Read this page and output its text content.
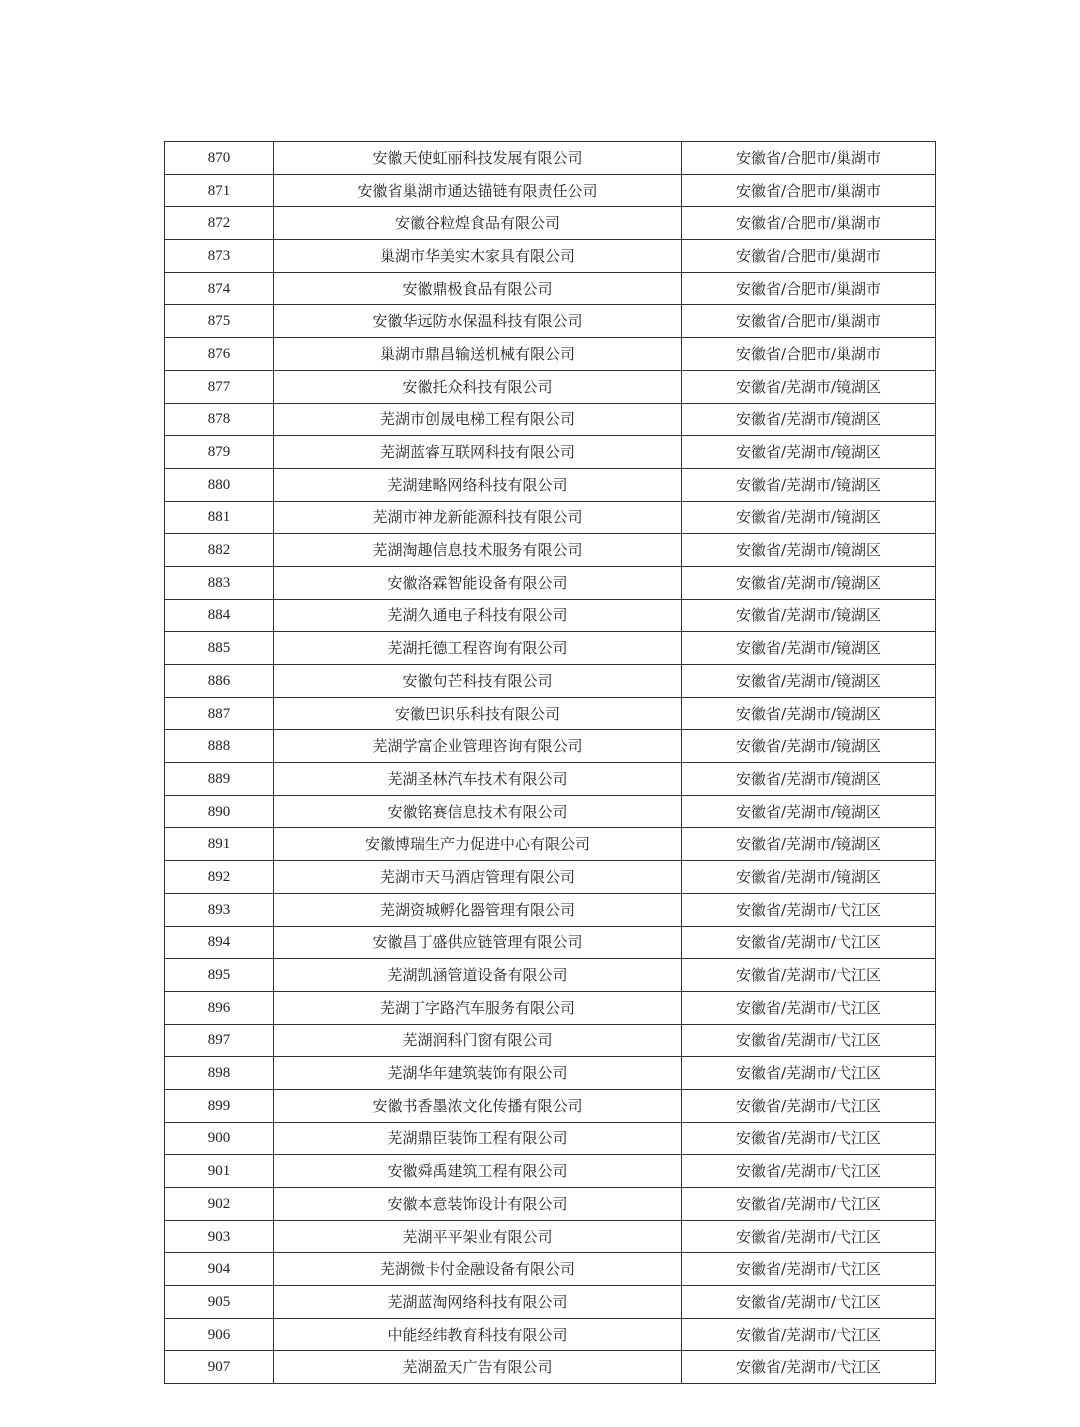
870	安徽天使虹丽科技发展有限公司	安徽省/合肥市/巢湖市
871	安徽省巢湖市通达锚链有限责任公司	安徽省/合肥市/巢湖市
872	安徽谷粒煌食品有限公司	安徽省/合肥市/巢湖市
873	巢湖市华美实木家具有限公司	安徽省/合肥市/巢湖市
874	安徽鼎极食品有限公司	安徽省/合肥市/巢湖市
875	安徽华远防水保温科技有限公司	安徽省/合肥市/巢湖市
876	巢湖市鼎昌输送机械有限公司	安徽省/合肥市/巢湖市
877	安徽托众科技有限公司	安徽省/芜湖市/镜湖区
878	芜湖市创晟电梯工程有限公司	安徽省/芜湖市/镜湖区
879	芜湖蓝睿互联网科技有限公司	安徽省/芜湖市/镜湖区
880	芜湖建略网络科技有限公司	安徽省/芜湖市/镜湖区
881	芜湖市神龙新能源科技有限公司	安徽省/芜湖市/镜湖区
882	芜湖淘趣信息技术服务有限公司	安徽省/芜湖市/镜湖区
883	安徽洛霖智能设备有限公司	安徽省/芜湖市/镜湖区
884	芜湖久通电子科技有限公司	安徽省/芜湖市/镜湖区
885	芜湖托德工程咨询有限公司	安徽省/芜湖市/镜湖区
886	安徽句芒科技有限公司	安徽省/芜湖市/镜湖区
887	安徽巴识乐科技有限公司	安徽省/芜湖市/镜湖区
888	芜湖学富企业管理咨询有限公司	安徽省/芜湖市/镜湖区
889	芜湖圣林汽车技术有限公司	安徽省/芜湖市/镜湖区
890	安徽铭赛信息技术有限公司	安徽省/芜湖市/镜湖区
891	安徽博瑞生产力促进中心有限公司	安徽省/芜湖市/镜湖区
892	芜湖市天马酒店管理有限公司	安徽省/芜湖市/镜湖区
893	芜湖资城孵化器管理有限公司	安徽省/芜湖市/弋江区
894	安徽昌丁盛供应链管理有限公司	安徽省/芜湖市/弋江区
895	芜湖凯涵管道设备有限公司	安徽省/芜湖市/弋江区
896	芜湖丁字路汽车服务有限公司	安徽省/芜湖市/弋江区
897	芜湖润科门窗有限公司	安徽省/芜湖市/弋江区
898	芜湖华年建筑装饰有限公司	安徽省/芜湖市/弋江区
899	安徽书香墨浓文化传播有限公司	安徽省/芜湖市/弋江区
900	芜湖鼎臣装饰工程有限公司	安徽省/芜湖市/弋江区
901	安徽舜禹建筑工程有限公司	安徽省/芜湖市/弋江区
902	安徽本意装饰设计有限公司	安徽省/芜湖市/弋江区
903	芜湖平平架业有限公司	安徽省/芜湖市/弋江区
904	芜湖微卡付金融设备有限公司	安徽省/芜湖市/弋江区
905	芜湖蓝淘网络科技有限公司	安徽省/芜湖市/弋江区
906	中能经纬教育科技有限公司	安徽省/芜湖市/弋江区
907	芜湖盈天广告有限公司	安徽省/芜湖市/弋江区
